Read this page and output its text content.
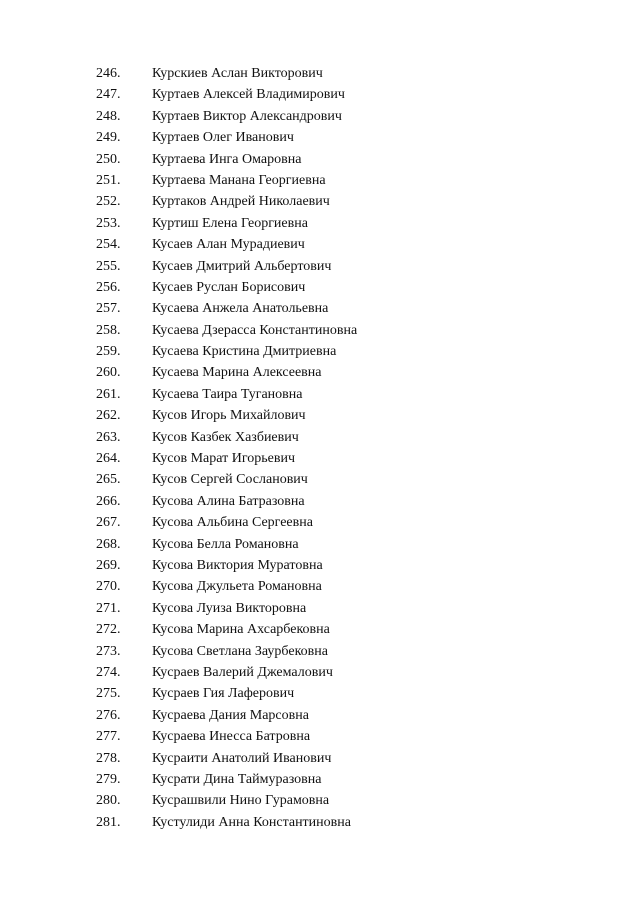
246. Курскиев Аслан Викторович
247. Куртаев Алексей Владимирович
248. Куртаев Виктор Александрович
249. Куртаев Олег Иванович
250. Куртаева Инга Омаровна
251. Куртаева Манана Георгиевна
252. Куртаков Андрей Николаевич
253. Куртиш Елена Георгиевна
254. Кусаев Алан Мурадиевич
255. Кусаев Дмитрий Альбертович
256. Кусаев Руслан Борисович
257. Кусаева Анжела Анатольевна
258. Кусаева Дзерасса Константиновна
259. Кусаева Кристина Дмитриевна
260. Кусаева Марина Алексеевна
261. Кусаева Таира Тугановна
262. Кусов Игорь Михайлович
263. Кусов Казбек Хазбиевич
264. Кусов Марат Игорьевич
265. Кусов Сергей Сосланович
266. Кусова Алина Батразовна
267. Кусова Альбина Сергеевна
268. Кусова Белла Романовна
269. Кусова Виктория Муратовна
270. Кусова Джульета Романовна
271. Кусова Луиза Викторовна
272. Кусова Марина Ахсарбековна
273. Кусова Светлана Заурбековна
274. Кусраев Валерий Джемалович
275. Кусраев Гия Лаферович
276. Кусраева Дания Марсовна
277. Кусраева Инесса Батровна
278. Кусраити Анатолий Иванович
279. Кусрати Дина Таймуразовна
280. Кусрашвили Нино Гурамовна
281. Кустулиди Анна Константиновна
